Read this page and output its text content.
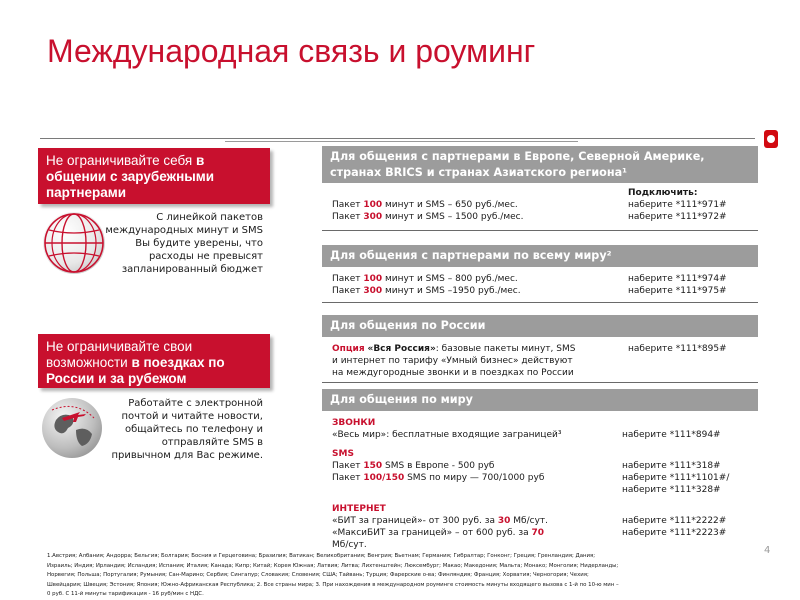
Международная связь и роуминг
Не ограничивайте себя в общении с зарубежными партнерами
С линейкой пакетов международных минут и SMS Вы будите уверены, что расходы не превысят запланированный бюджет
Не ограничивайте свои возможности в поездках по России и за рубежом
Работайте с электронной почтой и читайте новости, общайтесь по телефону и отправляйте SMS в привычном для Вас режиме.
Для общения с партнерами в Европе, Северной Америке, странах BRICS и странах Азиатского региона¹
Подключить:
Пакет 100 минут и SMS – 650 руб./мес.	наберите *111*971#
Пакет 300 минут и SMS – 1500 руб./мес.	наберите *111*972#
Для общения с партнерами по всему миру²
Пакет 100 минут и SMS – 800 руб./мес.	наберите *111*974#
Пакет 300 минут и SMS –1950 руб./мес.	наберите *111*975#
Для общения по России
Опция «Вся Россия»: базовые пакеты минут, SMS	наберите *111*895#
и интернет по тарифу «Умный бизнес» действуют
на междугородные звонки и в поездках по России
Для общения по миру
ЗВОНКИ
«Весь мир»: бесплатные входящие заграницей³	наберите *111*894#
SMS
Пакет 150 SMS в Европе - 500 руб	наберите *111*318#
Пакет 100/150 SMS по миру — 700/1000 руб	наберите *111*1101#/
наберите *111*328#
ИНТЕРНЕТ
«БИТ за границей»- от 300 руб. за 30 Мб/сут.	наберите *111*2222#
«МаксиБИТ за границей» – от 600 руб. за 70	наберите *111*2223#
Мб/сут.	4
1.Австрия; Албания; Андорра; Бельгия; Болгария; Босния и Герцеговина; Бразилия; Ватикан; Великобритания; Венгрия; Вьетнам; Германия; Гибралтар; Гонконг; Греция; Гренландия; Дания;
Израиль; Индия; Ирландия; Исландия; Испания; Италия; Канада; Кипр; Китай; Корея Южная; Латвия; Литва; Лихтенштейн; Люксембург; Макао; Македония; Мальта; Монако; Монголия; Нидерланды;
Норвегия; Польша; Португалия; Румыния; Сан-Марино; Сербия; Сингапур; Словакия; Словения; США; Тайвань; Турция; Фарерские о-ва; Финляндия; Франция; Хорватия; Черногория; Чехия;
Швейцария; Швеция; Эстония; Япония; Южно-Африканская Республика; 2. Все страны мира; 3. При нахождения в международном роуминге стоимость минуты входящего вызова с 1-й по 10-ю мин –
0 руб. С 11-й минуты тарификация - 16 руб/мин с НДС.
